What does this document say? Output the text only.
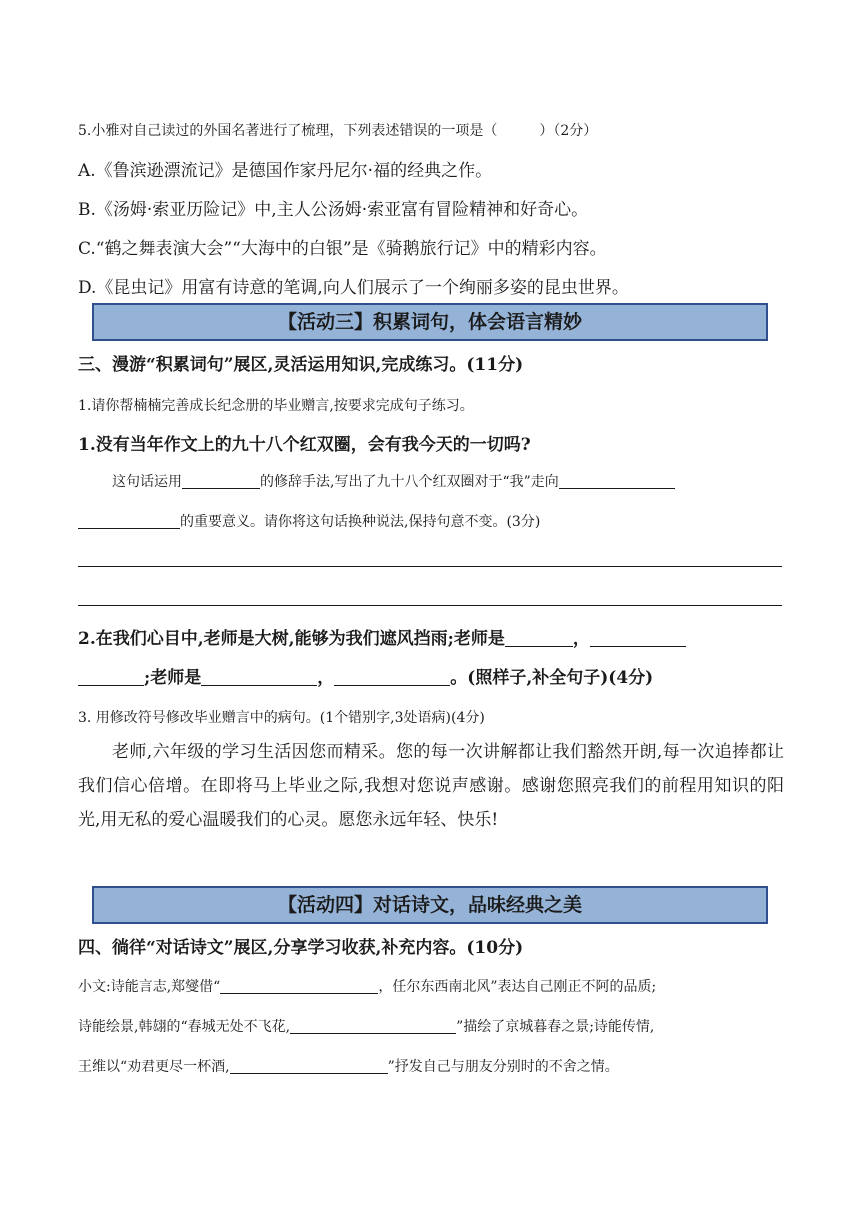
5.小雅对自己读过的外国名著进行了梳理，下列表述错误的一项是（　　　）（2分）
A.《鲁滨逊漂流记》是德国作家丹尼尔·福的经典之作。
B.《汤姆·索亚历险记》中,主人公汤姆·索亚富有冒险精神和好奇心。
C.“鹤之舞表演大会”“大海中的白银”是《骑鹅旅行记》中的精彩内容。
D.《昆虫记》用富有诗意的笔调,向人们展示了一个绚丽多姿的昆虫世界。
【活动三】积累词句，体会语言精妙
三、漫游“积累词句”展区,灵活运用知识,完成练习。(11分)
1.请你帮楠楠完善成长纪念册的毕业赠言,按要求完成句子练习。
1.没有当年作文上的九十八个红双圈，会有我今天的一切吗?
这句话运用	的修辞手法,写出了九十八个红双圈对于“我”走向
的重要意义。请你将这句话换种说法,保持句意不变。(3分)
2.在我们心目中,老师是大树,能够为我们遮风挡雨;老师是	，
;老师是	，	。(照样子,补全句子)(4分)
3. 用修改符号修改毕业赠言中的病句。(1个错别字,3处语病)(4分)
老师,六年级的学习生活因您而精采。您的每一次讲解都让我们豁然开朗,每一次追捧都让我们信心倍增。在即将马上毕业之际,我想对您说声感谢。感谢您照亮我们的前程用知识的阳光,用无私的爱心温暖我们的心灵。愿您永远年轻、快乐!
【活动四】对话诗文，品味经典之美
四、徜徉“对话诗文”展区,分享学习收获,补充内容。(10分)
小文:诗能言志,郑燮借“	，任尔东西南北风”表达自己刚正不阿的品质;
诗能绘景,韩翃的“春城无处不飞花,	”描绘了京城暮春之景;诗能传情,
王维以“劝君更尽一杯酒,	”抒发自己与朋友分别时的不舍之情。
